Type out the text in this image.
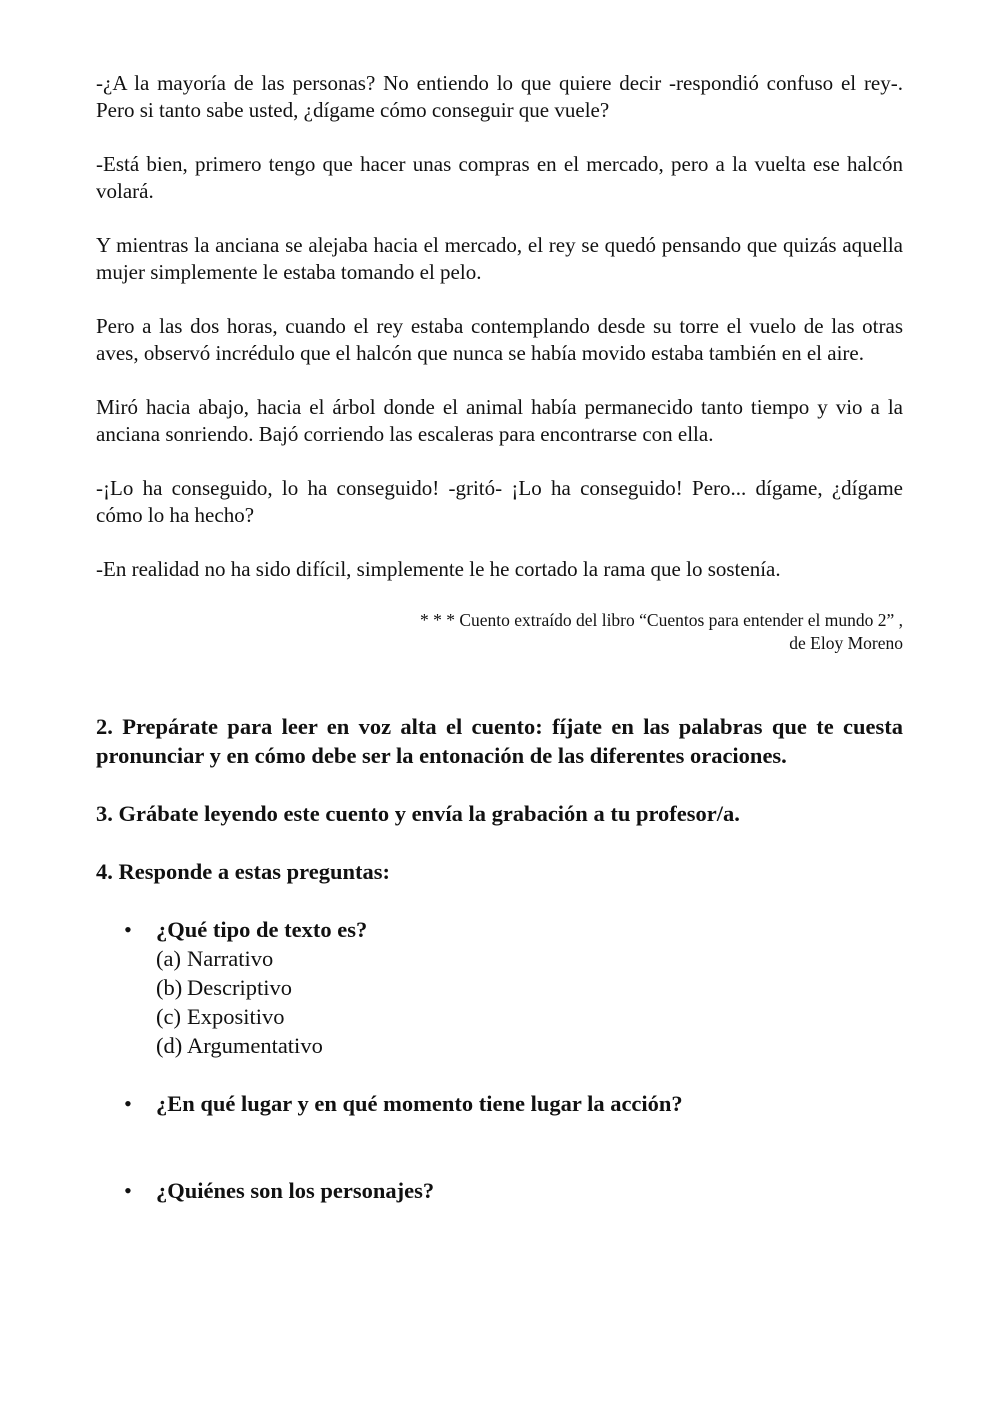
-¿A la mayoría de las personas? No entiendo lo que quiere decir -respondió confuso el rey-. Pero si tanto sabe usted, ¿dígame cómo conseguir que vuele?

-Está bien, primero tengo que hacer unas compras en el mercado, pero a la vuelta ese halcón volará.

Y mientras la anciana se alejaba hacia el mercado, el rey se quedó pensando que quizás aquella mujer simplemente le estaba tomando el pelo.

Pero a las dos horas, cuando el rey estaba contemplando desde su torre el vuelo de las otras aves, observó incrédulo que el halcón que nunca se había movido estaba también en el aire.

Miró hacia abajo, hacia el árbol donde el animal había permanecido tanto tiempo y vio a la anciana sonriendo. Bajó corriendo las escaleras para encontrarse con ella.

-¡Lo ha conseguido, lo ha conseguido! -gritó- ¡Lo ha conseguido! Pero... dígame, ¿dígame cómo lo ha hecho?

-En realidad no ha sido difícil, simplemente le he cortado la rama que lo sostenía.

* * * Cuento extraído del libro “Cuentos para entender el mundo 2” ,

de Eloy Moreno

2. Prepárate para leer en voz alta el cuento: fíjate en las palabras que te cuesta pronunciar y en cómo debe ser la entonación de las diferentes oraciones.

3. Grábate leyendo este cuento y envía la grabación a tu profesor/a.

4. Responde a estas preguntas:

• ¿Qué tipo de texto es?
(a) Narrativo
(b) Descriptivo
(c) Expositivo
(d) Argumentativo
• ¿En qué lugar y en qué momento tiene lugar la acción?
• ¿Quiénes son los personajes?
